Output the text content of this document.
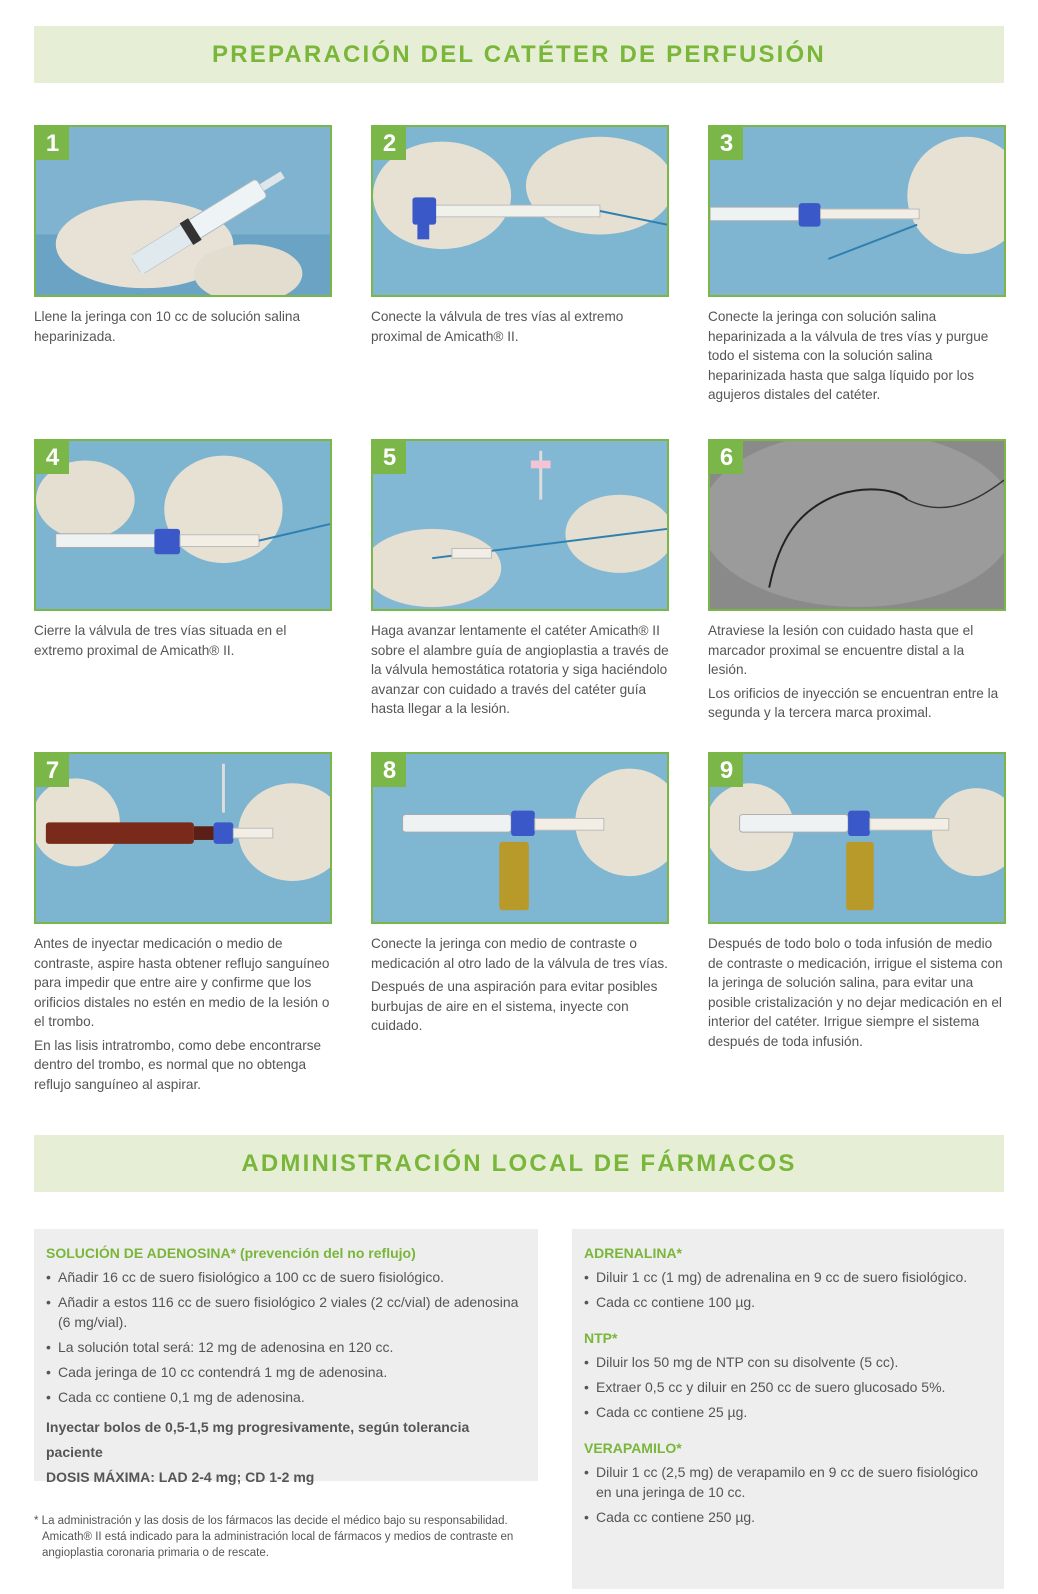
PREPARACIÓN DEL CATÉTER DE PERFUSIÓN
1

Llene la jeringa con 10 cc de solución salina heparinizada.

2

Conecte la válvula de tres vías al extremo proximal de Amicath® II.

3

Conecte la jeringa con solución salina heparinizada a la válvula de tres vías y purgue todo el sistema con la solución salina heparinizada hasta que salga líquido por los agujeros distales del catéter.

4

Cierre la válvula de tres vías situada en el extremo proximal de Amicath® II.

5

Haga avanzar lentamente el catéter Amicath® II sobre el alambre guía de angioplastia a través de la válvula hemostática rotatoria y siga haciéndolo avanzar con cuidado a través del catéter guía hasta llegar a la lesión.

6

Atraviese la lesión con cuidado hasta que el marcador proximal se encuentre distal a la lesión.

Los orificios de inyección se encuentran entre la segunda y la tercera marca proximal.

7

Antes de inyectar medicación o medio de contraste, aspire hasta obtener reflujo sanguíneo para impedir que entre aire y confirme que los orificios distales no estén en medio de la lesión o el trombo.

En las lisis intratrombo, como debe encontrarse dentro del trombo, es normal que no obtenga reflujo sanguíneo al aspirar.

8

Conecte la jeringa con medio de contraste o medicación al otro lado de la válvula de tres vías.

Después de una aspiración para evitar posibles burbujas de aire en el sistema, inyecte con cuidado.

9

Después de todo bolo o toda infusión de medio de contraste o medicación, irrigue el sistema con la jeringa de solución salina, para evitar una posible cristalización y no dejar medicación en el interior del catéter. Irrigue siempre el sistema después de toda infusión.

ADMINISTRACIÓN LOCAL DE FÁRMACOS
SOLUCIÓN DE ADENOSINA* (prevención del no reflujo)
• Añadir 16 cc de suero fisiológico a 100 cc de suero fisiológico.
• Añadir a estos 116 cc de suero fisiológico 2 viales (2 cc/vial) de adenosina (6 mg/vial).
• La solución total será: 12 mg de adenosina en 120 cc.
• Cada jeringa de 10 cc contendrá 1 mg de adenosina.
• Cada cc contiene 0,1 mg de adenosina.
Inyectar bolos de 0,5-1,5 mg progresivamente, según tolerancia paciente
DOSIS MÁXIMA: LAD 2-4 mg; CD 1-2 mg
* La administración y las dosis de los fármacos las decide el médico bajo su responsabilidad.
Amicath® II está indicado para la administración local de fármacos y medios de contraste en angioplastia coronaria primaria o de rescate.
ADRENALINA*
• Diluir 1 cc (1 mg) de adrenalina en 9 cc de suero fisiológico.
• Cada cc contiene 100 µg.
NTP*
• Diluir los 50 mg de NTP con su disolvente (5 cc).
• Extraer 0,5 cc y diluir en 250 cc de suero glucosado 5%.
• Cada cc contiene 25 µg.
VERAPAMILO*
• Diluir 1 cc (2,5 mg) de verapamilo en 9 cc de suero fisiológico en una jeringa de 10 cc.
• Cada cc contiene 250 µg.
